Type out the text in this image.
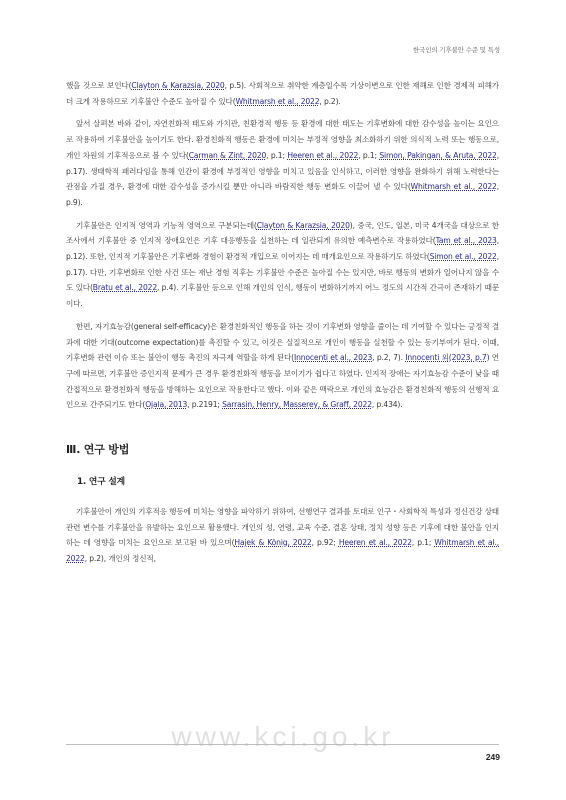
한국인의 기후불안 수준 및 특성

했을 것으로 보인다(Clayton & Karazsia, 2020, p.5). 사회적으로 취약한 계층일수록 기상이변으로 인한 재해로 인한 경제적 피해가 더 크게 작용하므로 기후불안 수준도 높아질 수 있다(Whitmarsh et al., 2022, p.2).

앞서 살펴본 바와 같이, 자연친화적 태도와 가치관, 친환경적 행동 등 환경에 대한 태도는 기후변화에 대한 감수성을 높이는 요인으로 작용하여 기후불안을 높이기도 한다. 환경친화적 행동은 환경에 미치는 부정적 영향을 최소화하기 위한 의식적 노력 또는 행동으로, 개인 차원의 기후적응으로 볼 수 있다(Carman & Zint, 2020, p.1; Heeren et al., 2022, p.1; Simon, Pakingan, & Aruta, 2022, p.17). 생태학적 패러다임을 통해 인간이 환경에 부정적인 영향을 미치고 있음을 인식하고, 이러한 영향을 완화하기 위해 노력한다는 관점을 가질 경우, 환경에 대한 감수성을 증가시킬 뿐만 아니라 바람직한 행동 변화도 이끌어 낼 수 있다(Whitmarsh et al., 2022, p.9).

기후불안은 인지적 영역과 기능적 영역으로 구분되는데(Clayton & Karazsia, 2020), 중국, 인도, 일본, 미국 4개국을 대상으로 한 조사에서 기후불안 중 인지적 장애요인은 기후 대응행동을 실천하는 데 일관되게 유의한 예측변수로 작용하였다(Tam et al., 2023, p.12). 또한, 인지적 기후불안은 기후변화 경험이 환경적 개입으로 이어지는 데 매개요인으로 작용하기도 하였다(Simon et al., 2022, p.17). 다만, 기후변화로 인한 사건 또는 재난 경험 직후는 기후불안 수준은 높아질 수는 있지만, 바로 행동의 변화가 일어나지 않을 수도 있다(Bratu et al., 2022, p.4). 기후불안 등으로 인해 개인의 인식, 행동이 변화하기까지 어느 정도의 시간적 간극이 존재하기 때문이다.

한편, 자기효능감(general self-efficacy)은 환경친화적인 행동을 하는 것이 기후변화 영향을 줄이는 데 기여할 수 있다는 긍정적 결과에 대한 기대(outcome expectation)를 촉진할 수 있고, 이것은 실질적으로 개인이 행동을 실천할 수 있는 동기부여가 된다. 이때, 기후변화 관련 이슈 또는 불안이 행동 촉진의 자극제 역할을 하게 된다(Innocenti et al., 2023, p.2, 7). Innocenti 외(2023, p.7) 연구에 따르면, 기후불안 증인지적 문제가 큰 경우 환경친화적 행동을 보이기가 쉽다고 하였다. 인지적 장애는 자기효능감 수준이 낮을 때 간접적으로 환경친화적 행동을 방해하는 요인으로 작용한다고 했다. 이와 같은 맥락으로 개인의 효능감은 환경친화적 행동의 선행적 요인으로 간주되기도 한다(Ojala, 2013, p.2191; Sarrasin, Henry, Masserey, & Graff, 2022, p.434).

Ⅲ. 연구 방법
1. 연구 설계

기후불안이 개인의 기후적응 행동에 미치는 영향을 파악하기 위하여, 선행연구 결과를 토대로 인구・사회학적 특성과 정신건강 상태 관련 변수를 기후불안을 유발하는 요인으로 활용했다. 개인의 성, 연령, 교육 수준, 결혼 상태, 정치 성향 등은 기후에 대한 불안을 인지하는 데 영향을 미치는 요인으로 보고된 바 있으며(Hajek & König, 2022, p.92; Heeren et al., 2022, p.1; Whitmarsh et al., 2022, p.2), 개인의 정신적,

www.kci.go.kr
249
